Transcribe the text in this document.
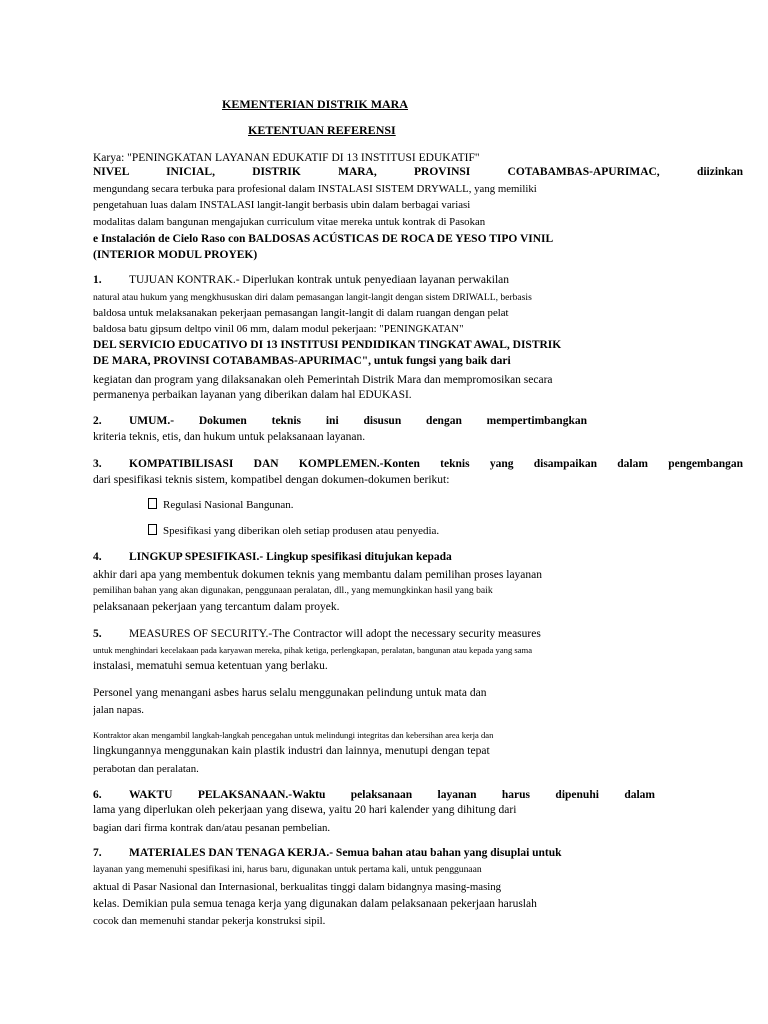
KEMENTERIAN DISTRIK MARA
KETENTUAN REFERENSI
Karya: "PENINGKATAN LAYANAN EDUKATIF DI 13 INSTITUSI EDUKATIF"
NIVEL INICIAL, DISTRIK MARA, PROVINSI COTABAMBAS-APURIMAC, diizinkan
mengundang secara terbuka para profesional dalam INSTALASI SISTEM DRYWALL, yang memiliki
pengetahuan luas dalam INSTALASI langit-langit berbasis ubin dalam berbagai variasi
modalitas dalam bangunan mengajukan curriculum vitae mereka untuk kontrak di Pasokan
e Instalación de Cielo Raso con BALDOSAS ACÚSTICAS DE ROCA DE YESO TIPO VINIL
(INTERIOR MODUL PROYEK)
1. TUJUAN KONTRAK.- Diperlukan kontrak untuk penyediaan layanan perwakilan
natural atau hukum yang mengkhususkan diri dalam pemasangan langit-langit dengan sistem DRIWALL, berbasis
baldosa untuk melaksanakan pekerjaan pemasangan langit-langit di dalam ruangan dengan pelat
baldosa batu gipsum deltpo vinil 06 mm, dalam modul pekerjaan: "PENINGKATAN"
DEL SERVICIO EDUCATIVO DI 13 INSTITUSI PENDIDIKAN TINGKAT AWAL, DISTRIK
DE MARA, PROVINSI COTABAMBAS-APURIMAC", untuk fungsi yang baik dari
kegiatan dan program yang dilaksanakan oleh Pemerintah Distrik Mara dan mempromosikan secara
permanenya perbaikan layanan yang diberikan dalam hal EDUKASI.
2. UMUM.- Dokumen teknis ini disusun dengan mempertimbangkan
kriteria teknis, etis, dan hukum untuk pelaksanaan layanan.
3. KOMPATIBILISASI DAN KOMPLEMEN.-Konten teknis yang disampaikan dalam pengembangan
dari spesifikasi teknis sistem, kompatibel dengan dokumen-dokumen berikut:
Regulasi Nasional Bangunan.
Spesifikasi yang diberikan oleh setiap produsen atau penyedia.
4. LINGKUP SPESIFIKASI.- Lingkup spesifikasi ditujukan kepada
akhir dari apa yang membentuk dokumen teknis yang membantu dalam pemilihan proses layanan
pemilihan bahan yang akan digunakan, penggunaan peralatan, dll., yang memungkinkan hasil yang baik
pelaksanaan pekerjaan yang tercantum dalam proyek.
5. MEASURES OF SECURITY.-The Contractor will adopt the necessary security measures
untuk menghindari kecelakaan pada karyawan mereka, pihak ketiga, perlengkapan, peralatan, bangunan atau kepada yang sama
instalasi, mematuhi semua ketentuan yang berlaku.
Personel yang menangani asbes harus selalu menggunakan pelindung untuk mata dan
jalan napas.
Kontraktor akan mengambil langkah-langkah pencegahan untuk melindungi integritas dan kebersihan area kerja dan
lingkungannya menggunakan kain plastik industri dan lainnya, menutupi dengan tepat
perabotan dan peralatan.
6. WAKTU PELAKSANAAN.-Waktu pelaksanaan layanan harus dipenuhi dalam
lama yang diperlukan oleh pekerjaan yang disewa, yaitu 20 hari kalender yang dihitung dari
bagian dari firma kontrak dan/atau pesanan pembelian.
7. MATERIALES DAN TENAGA KERJA.- Semua bahan atau bahan yang disuplai untuk
layanan yang memenuhi spesifikasi ini, harus baru, digunakan untuk pertama kali, untuk penggunaan
aktual di Pasar Nasional dan Internasional, berkualitas tinggi dalam bidangnya masing-masing
kelas. Demikian pula semua tenaga kerja yang digunakan dalam pelaksanaan pekerjaan haruslah
cocok dan memenuhi standar pekerja konstruksi sipil.
